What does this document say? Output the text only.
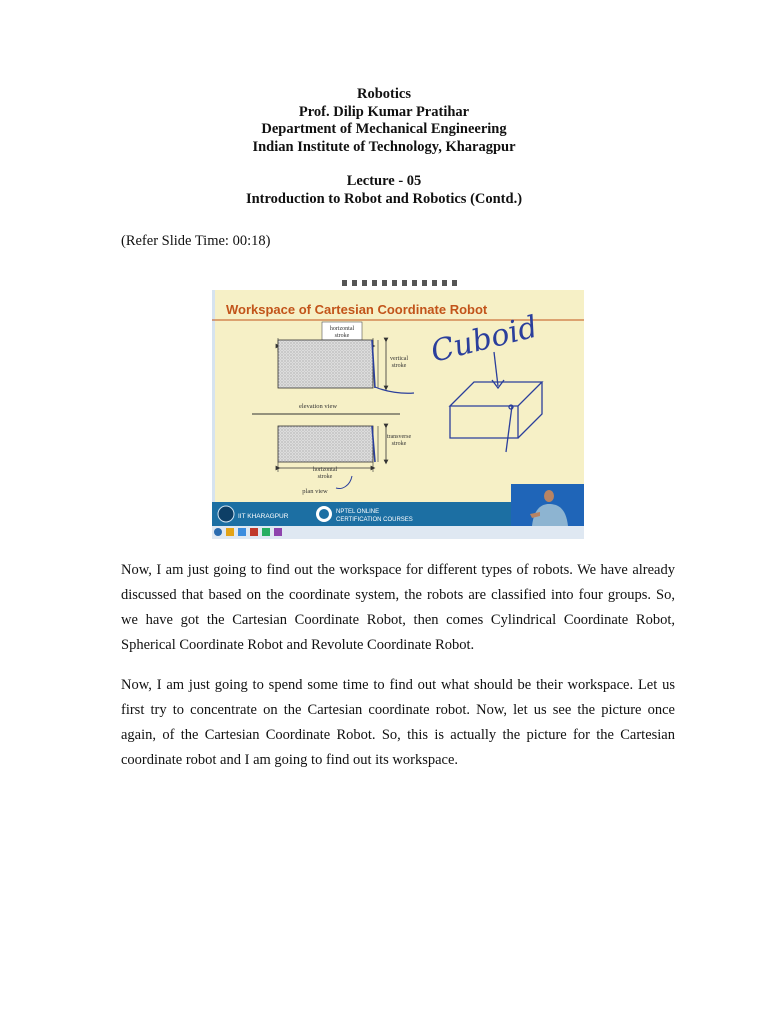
Robotics
Prof. Dilip Kumar Pratihar
Department of Mechanical Engineering
Indian Institute of Technology, Kharagpur
Lecture - 05
Introduction to Robot and Robotics (Contd.)
(Refer Slide Time: 00:18)
Workspace of Cartesian Coordinate Robot
horizontal
stroke
vertical
stroke
elevation view
transverse
stroke
horizontal
stroke
plan view
Cuboid
IIT KHARAGPUR
NPTEL ONLINE
CERTIFICATION COURSES

Now, I am just going to find out the workspace for different types of robots. We have already discussed that based on the coordinate system, the robots are classified into four groups. So, we have got the Cartesian Coordinate Robot, then comes Cylindrical Coordinate Robot, Spherical Coordinate Robot and Revolute Coordinate Robot.

Now, I am just going to spend some time to find out what should be their workspace. Let us first try to concentrate on the Cartesian coordinate robot. Now, let us see the picture once again, of the Cartesian Coordinate Robot. So, this is actually the picture for the Cartesian coordinate robot and I am going to find out its workspace.
